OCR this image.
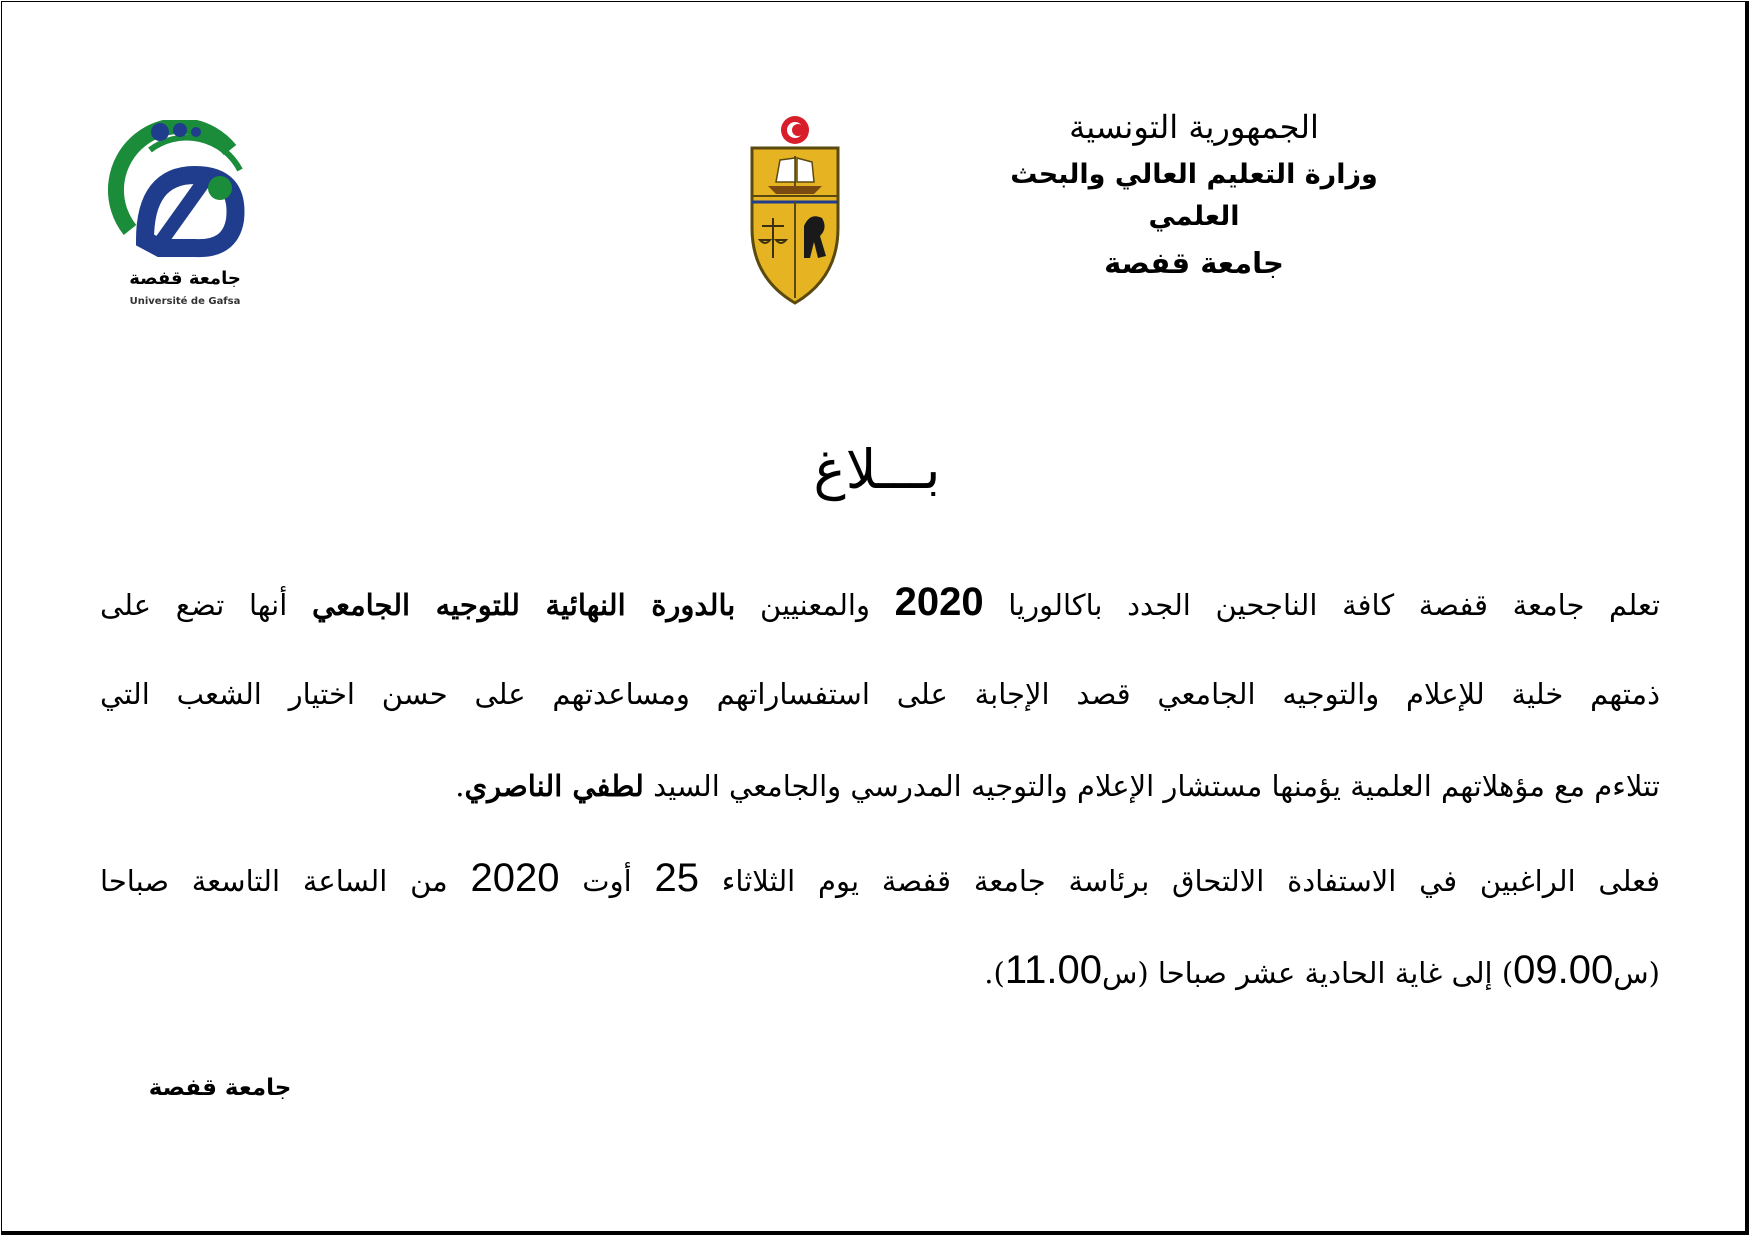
الجمهورية التونسية
وزارة التعليم العالي والبحث
العلمي
جامعة قفصة
جامعة قفصة
Université de Gafsa
بـــلاغ
تعلم جامعة قفصة كافة الناجحين الجدد باكالوريا 2020 والمعنيين بالدورة النهائية للتوجيه الجامعي أنها تضع على
ذمتهم خلية للإعلام والتوجيه الجامعي قصد الإجابة على استفساراتهم ومساعدتهم على حسن اختيار الشعب التي
تتلاءم مع مؤهلاتهم العلمية يؤمنها مستشار الإعلام والتوجيه المدرسي والجامعي السيد لطفي الناصري.
فعلى الراغبين في الاستفادة الالتحاق برئاسة جامعة قفصة يوم الثلاثاء 25 أوت 2020 من الساعة التاسعة صباحا
(س09.00) إلى غاية الحادية عشر صباحا (س11.00).
جامعة قفصة
